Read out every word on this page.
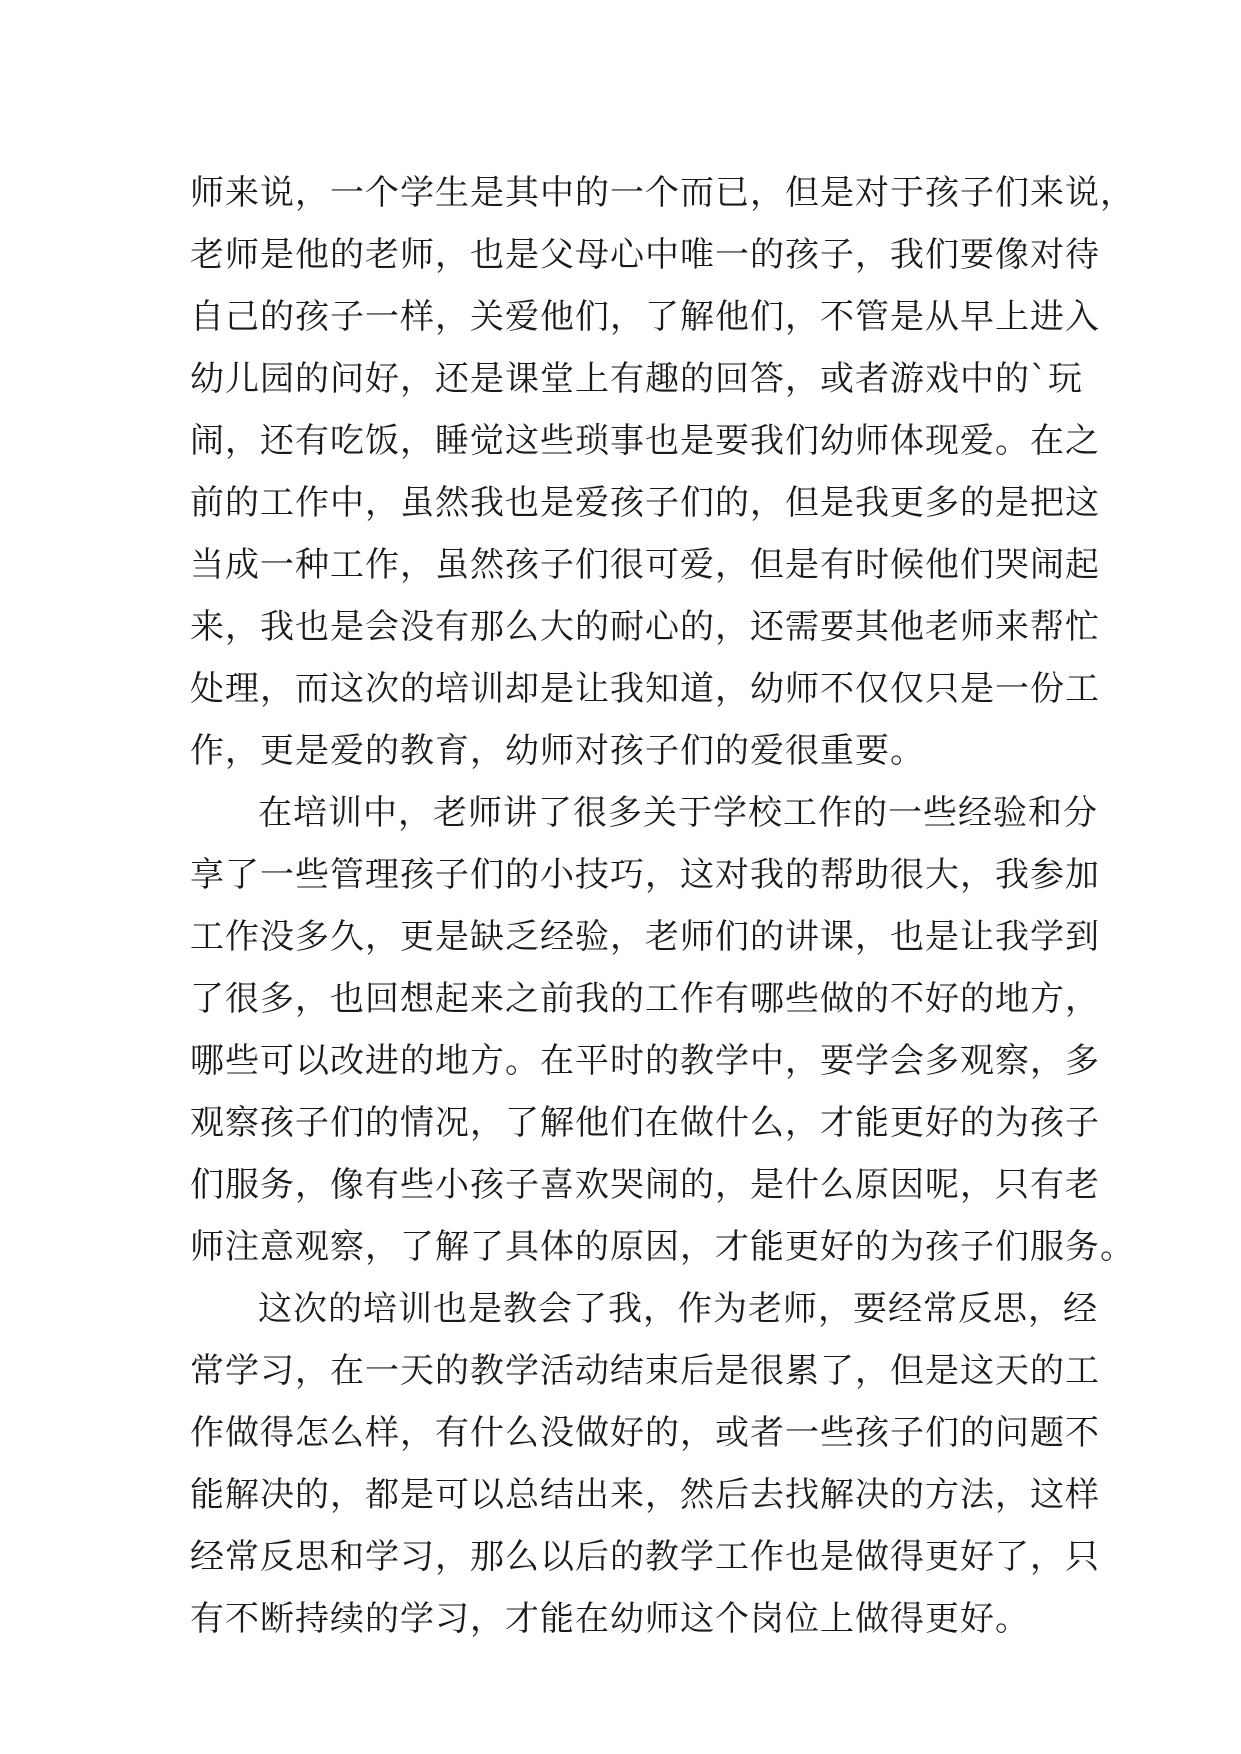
师来说，一个学生是其中的一个而已，但是对于孩子们来说，
老师是他的老师，也是父母心中唯一的孩子，我们要像对待
自己的孩子一样，关爱他们，了解他们，不管是从早上进入
幼儿园的问好，还是课堂上有趣的回答，或者游戏中的`玩
闹，还有吃饭，睡觉这些琐事也是要我们幼师体现爱。在之
前的工作中，虽然我也是爱孩子们的，但是我更多的是把这
当成一种工作，虽然孩子们很可爱，但是有时候他们哭闹起
来，我也是会没有那么大的耐心的，还需要其他老师来帮忙
处理，而这次的培训却是让我知道，幼师不仅仅只是一份工
作，更是爱的教育，幼师对孩子们的爱很重要。
在培训中，老师讲了很多关于学校工作的一些经验和分
享了一些管理孩子们的小技巧，这对我的帮助很大，我参加
工作没多久，更是缺乏经验，老师们的讲课，也是让我学到
了很多，也回想起来之前我的工作有哪些做的不好的地方，
哪些可以改进的地方。在平时的教学中，要学会多观察，多
观察孩子们的情况，了解他们在做什么，才能更好的为孩子
们服务，像有些小孩子喜欢哭闹的，是什么原因呢，只有老
师注意观察，了解了具体的原因，才能更好的为孩子们服务。
这次的培训也是教会了我，作为老师，要经常反思，经
常学习，在一天的教学活动结束后是很累了，但是这天的工
作做得怎么样，有什么没做好的，或者一些孩子们的问题不
能解决的，都是可以总结出来，然后去找解决的方法，这样
经常反思和学习，那么以后的教学工作也是做得更好了，只
有不断持续的学习，才能在幼师这个岗位上做得更好。
